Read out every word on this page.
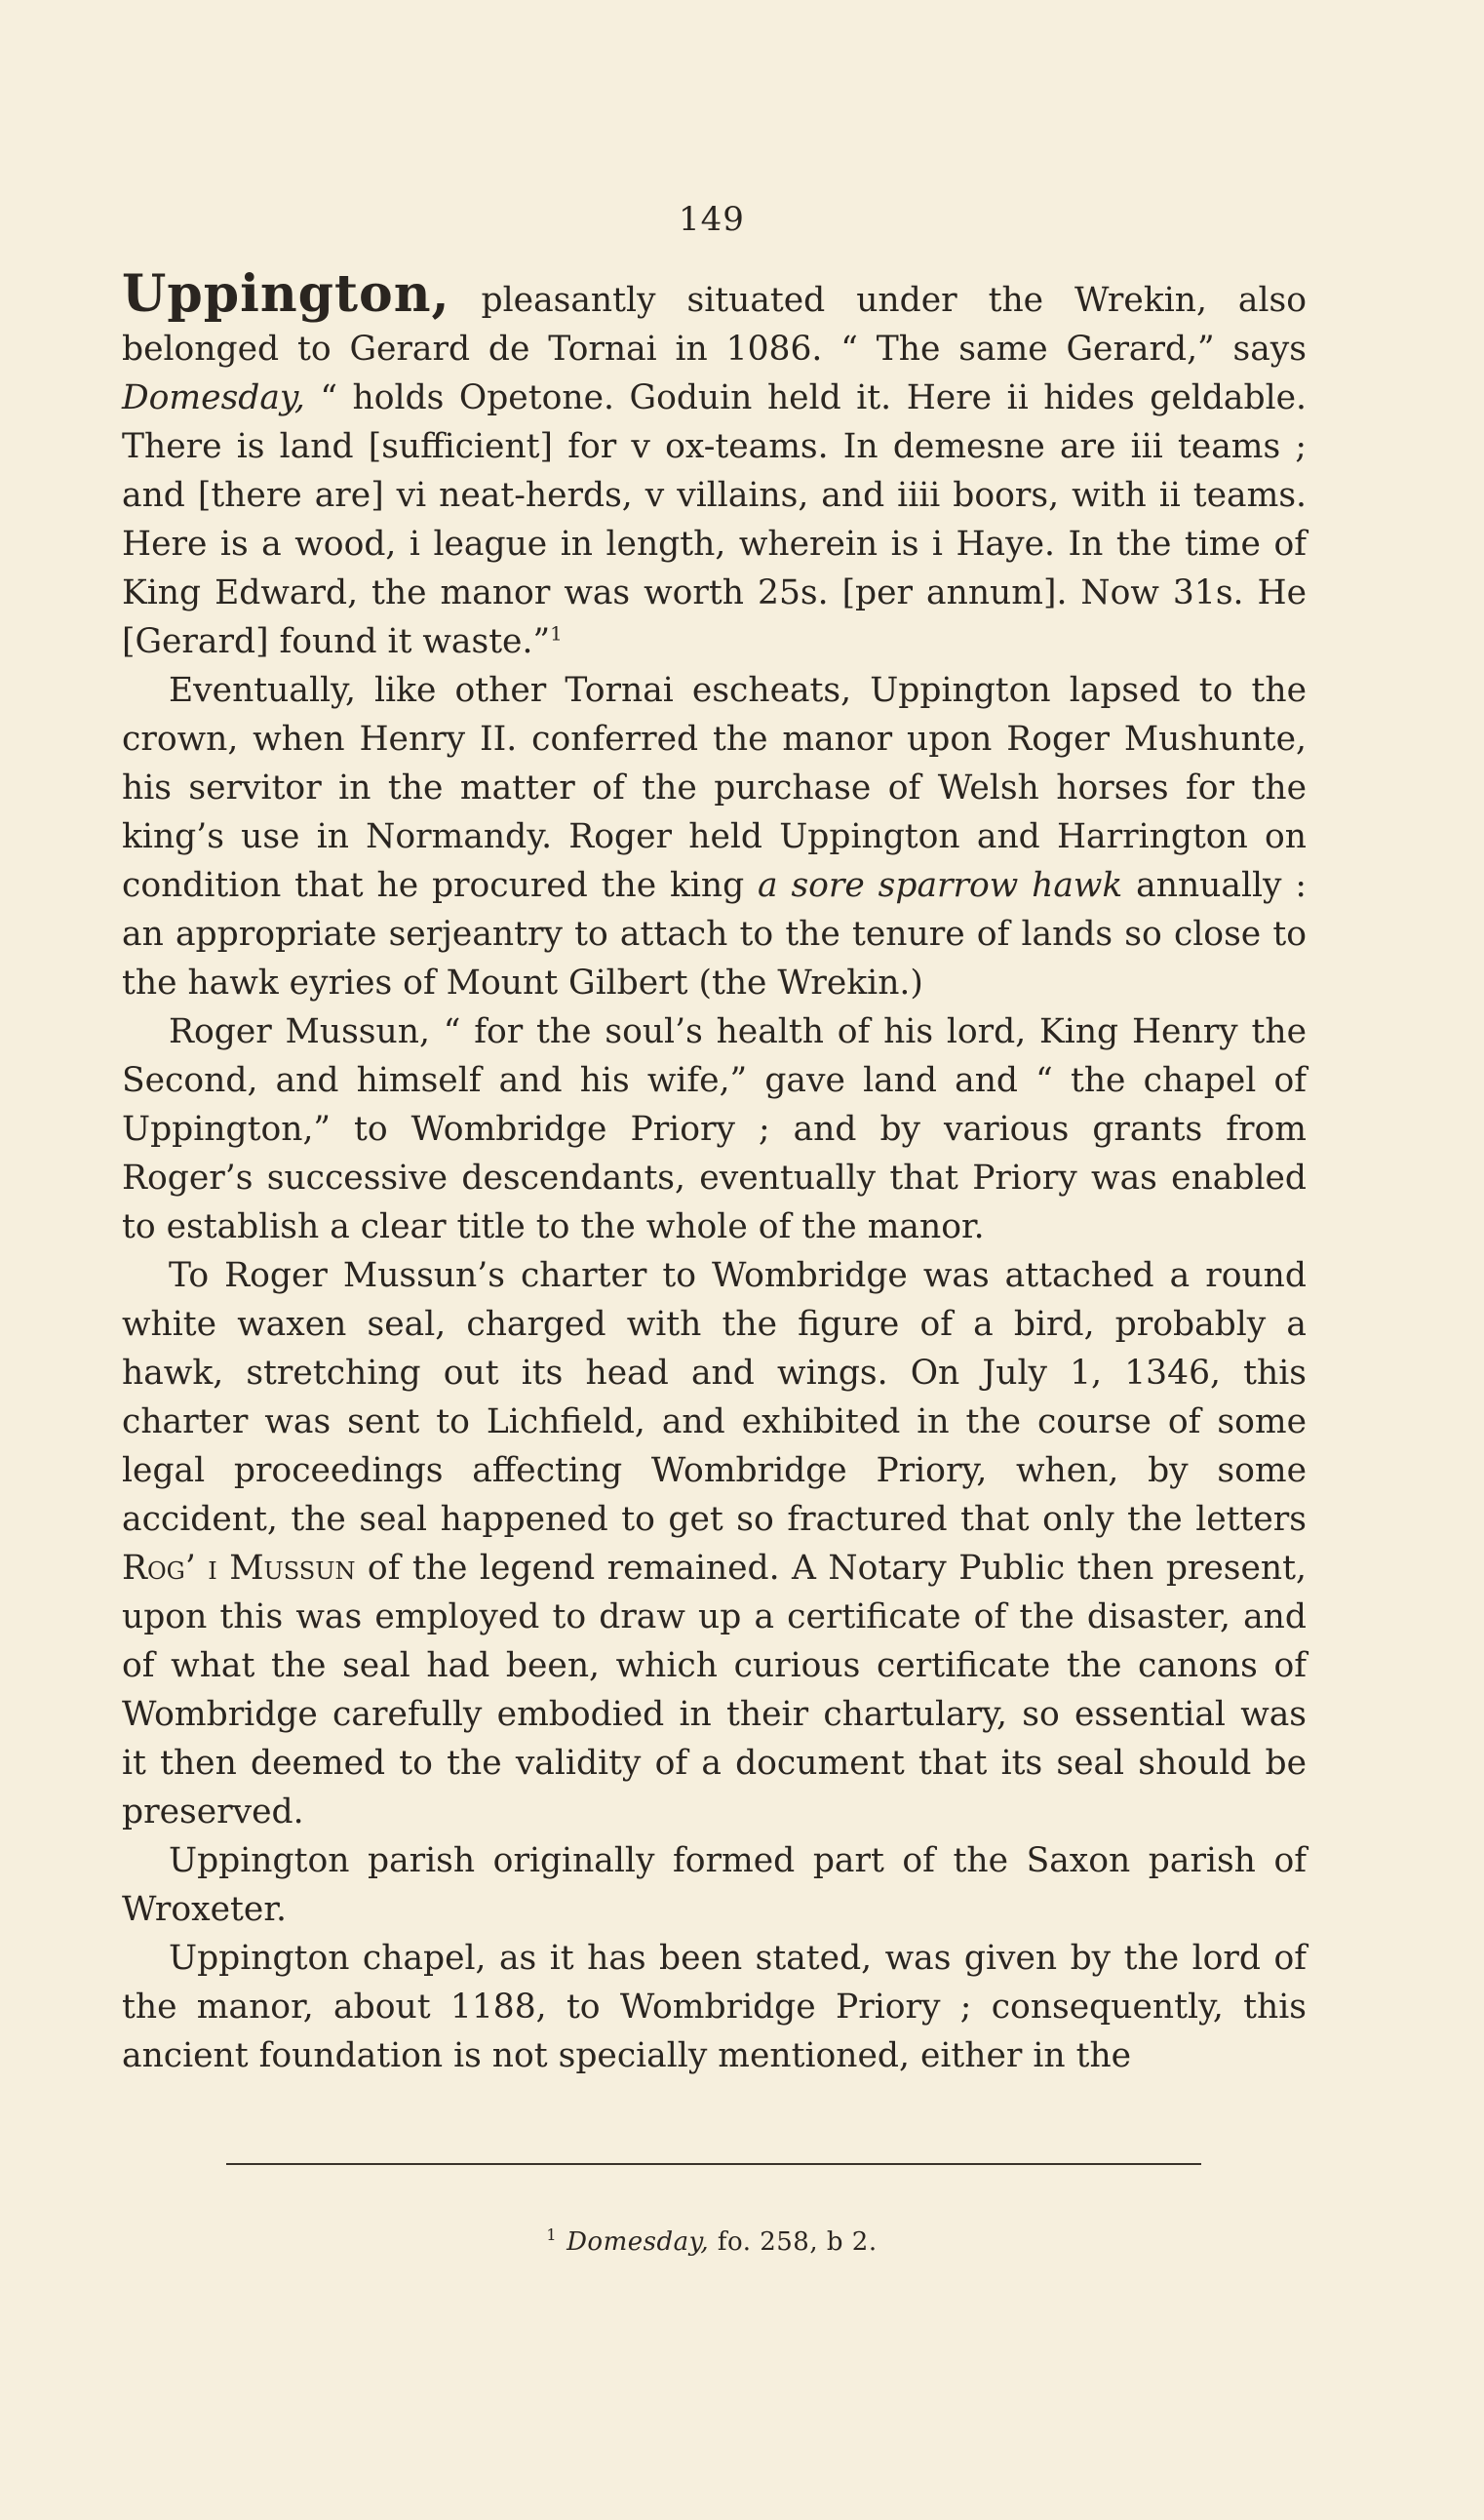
149

Uppington, pleasantly situated under the Wrekin, also belonged to Gerard de Tornai in 1086. “ The same Gerard,” says Domesday, “ holds Opetone. Goduin held it. Here ii hides geldable. There is land [sufficient] for v ox-teams. In demesne are iii teams ; and [there are] vi neat-herds, v villains, and iiii boors, with ii teams. Here is a wood, i league in length, wherein is i Haye. In the time of King Edward, the manor was worth 25s. [per annum]. Now 31s. He [Gerard] found it waste.”$^1$

Eventually, like other Tornai escheats, Uppington lapsed to the crown, when Henry II. conferred the manor upon Roger Mushunte, his servitor in the matter of the purchase of Welsh horses for the king’s use in Normandy. Roger held Uppington and Harrington on condition that he procured the king a sore sparrow hawk annually : an appropriate serjeantry to attach to the tenure of lands so close to the hawk eyries of Mount Gilbert (the Wrekin.)

Roger Mussun, “ for the soul’s health of his lord, King Henry the Second, and himself and his wife,” gave land and “ the chapel of Uppington,” to Wombridge Priory ; and by various grants from Roger’s successive descendants, eventually that Priory was enabled to establish a clear title to the whole of the manor.

To Roger Mussun’s charter to Wombridge was attached a round white waxen seal, charged with the figure of a bird, probably a hawk, stretching out its head and wings. On July 1, 1346, this charter was sent to Lichfield, and exhibited in the course of some legal proceedings affecting Wombridge Priory, when, by some accident, the seal happened to get so fractured that only the letters Rog’ i Mussun of the legend remained. A Notary Public then present, upon this was employed to draw up a certificate of the disaster, and of what the seal had been, which curious certificate the canons of Wombridge carefully embodied in their chartulary, so essential was it then deemed to the validity of a document that its seal should be preserved.

Uppington parish originally formed part of the Saxon parish of Wroxeter.

Uppington chapel, as it has been stated, was given by the lord of the manor, about 1188, to Wombridge Priory ; consequently, this ancient foundation is not specially mentioned, either in the

$^1$ Domesday, fo. 258, b 2.
